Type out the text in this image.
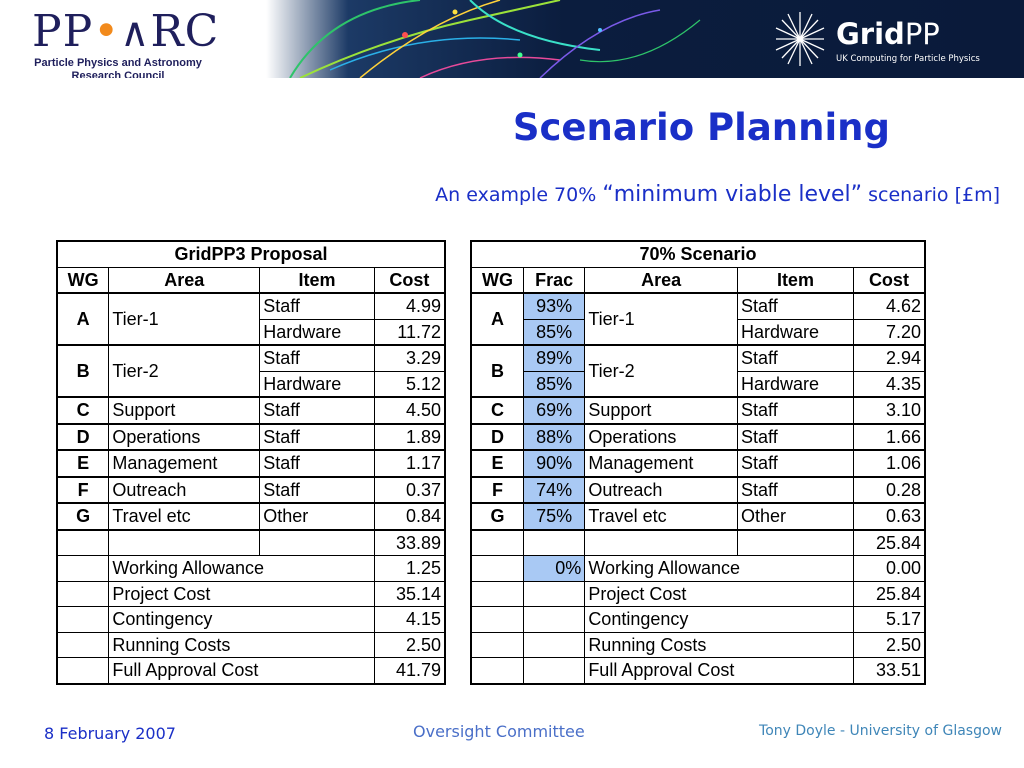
PP•∧RC
Particle Physics and Astronomy
Research Council
GridPP
UK Computing for Particle Physics
Scenario Planning
An example 70% “minimum viable level” scenario [£m]
GridPP3 Proposal			
WG	Area	Item	Cost
A	Tier-1	Staff	4.99
		Hardware	11.72
B	Tier-2	Staff	3.29
		Hardware	5.12
C	Support	Staff	4.50
D	Operations	Staff	1.89
E	Management	Staff	1.17
F	Outreach	Staff	0.37
G	Travel etc	Other	0.84
			33.89
	Working Allowance		1.25
	Project Cost		35.14
	Contingency		4.15
	Running Costs		2.50
	Full Approval Cost		41.79
70% Scenario				
WG	Frac	Area	Item	Cost
A	93%	Tier-1	Staff	4.62
	85%		Hardware	7.20
B	89%	Tier-2	Staff	2.94
	85%		Hardware	4.35
C	69%	Support	Staff	3.10
D	88%	Operations	Staff	1.66
E	90%	Management	Staff	1.06
F	74%	Outreach	Staff	0.28
G	75%	Travel etc	Other	0.63
				25.84
	0%	Working Allowance		0.00
		Project Cost		25.84
		Contingency		5.17
		Running Costs		2.50
		Full Approval Cost		33.51
8 February 2007	Oversight Committee	Tony Doyle - University of Glasgow
